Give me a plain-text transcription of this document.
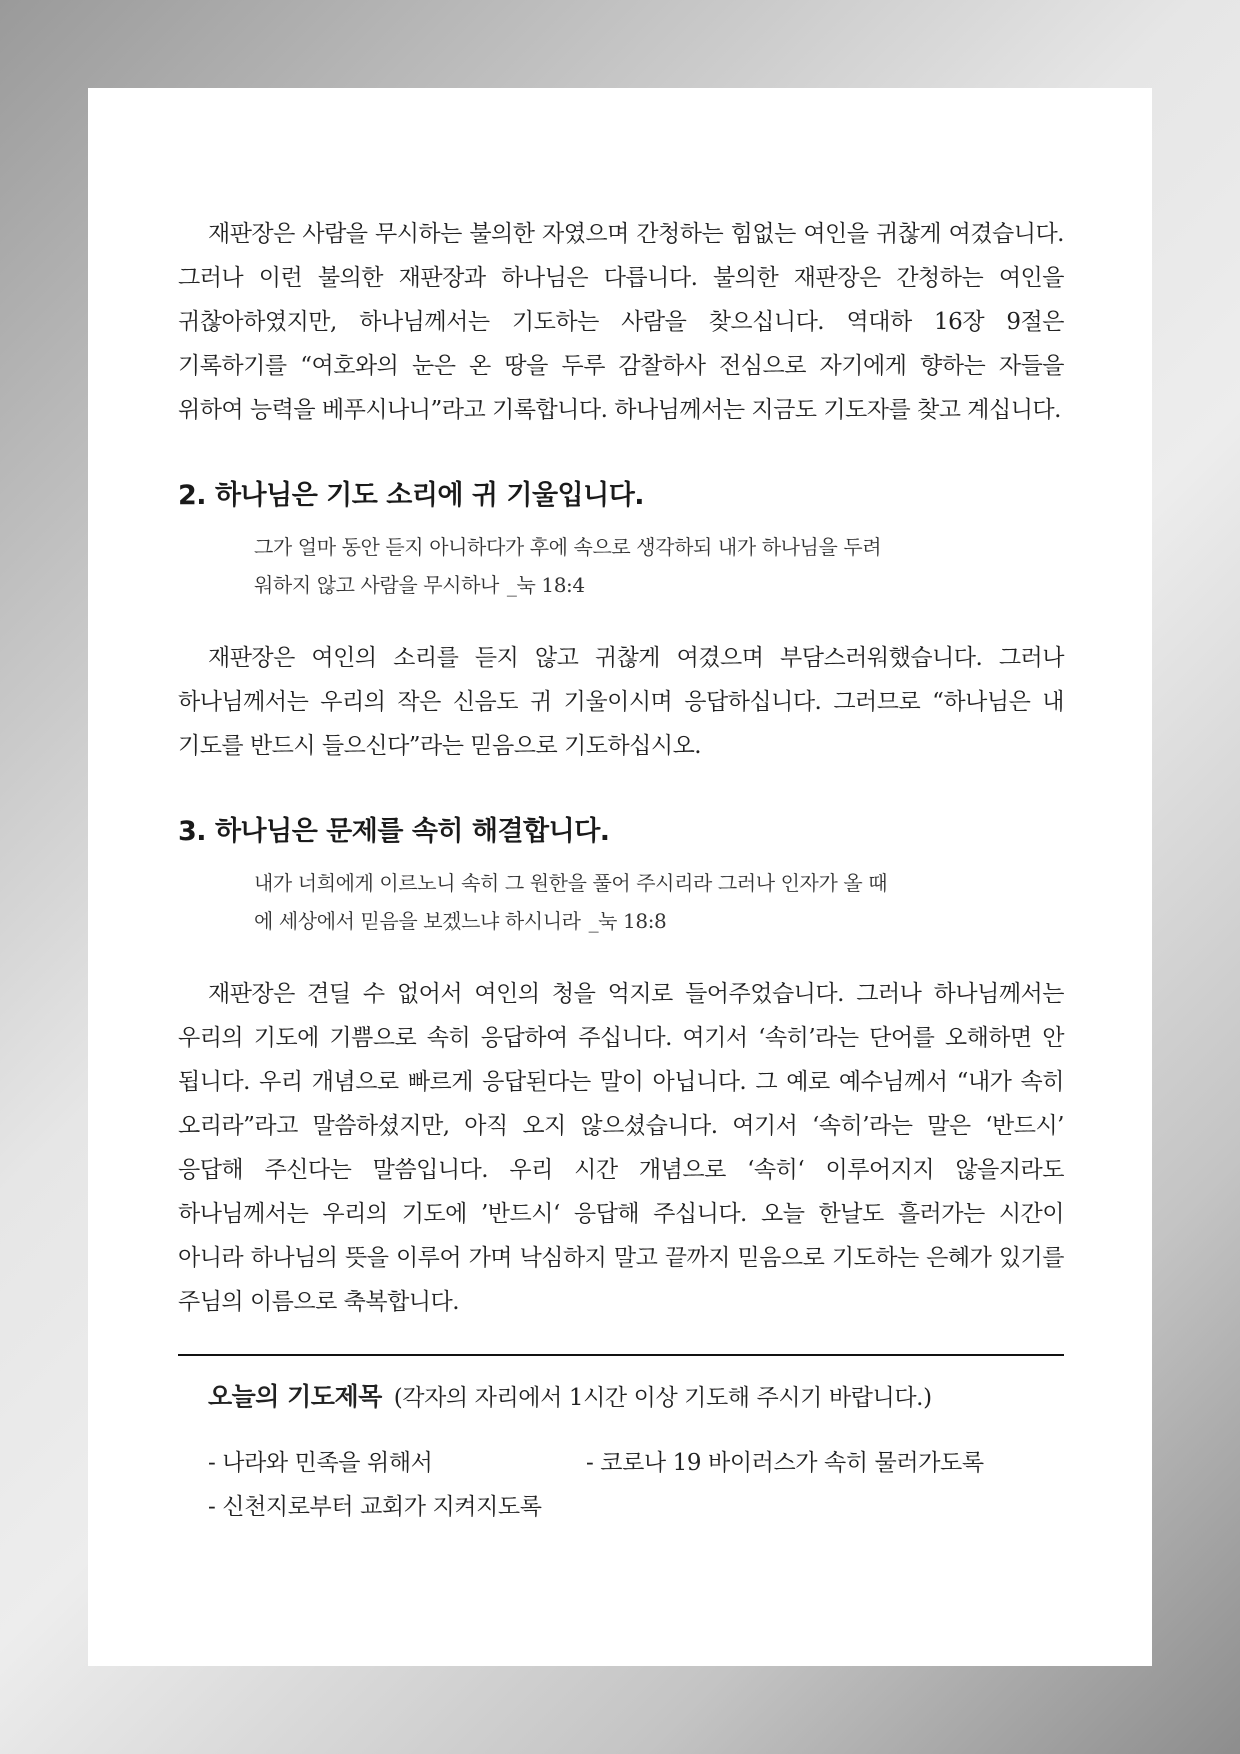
재판장은 사람을 무시하는 불의한 자였으며 간청하는 힘없는 여인을 귀찮게 여겼습니다. 그러나 이런 불의한 재판장과 하나님은 다릅니다. 불의한 재판장은 간청하는 여인을 귀찮아하였지만, 하나님께서는 기도하는 사람을 찾으십니다. 역대하 16장 9절은 기록하기를 “여호와의 눈은 온 땅을 두루 감찰하사 전심으로 자기에게 향하는 자들을 위하여 능력을 베푸시나니”라고 기록합니다. 하나님께서는 지금도 기도자를 찾고 계십니다.

2. 하나님은 기도 소리에 귀 기울입니다.
그가 얼마 동안 듣지 아니하다가 후에 속으로 생각하되 내가 하나님을 두려
워하지 않고 사람을 무시하나 _눅 18:4

재판장은 여인의 소리를 듣지 않고 귀찮게 여겼으며 부담스러워했습니다. 그러나 하나님께서는 우리의 작은 신음도 귀 기울이시며 응답하십니다. 그러므로 “하나님은 내 기도를 반드시 들으신다”라는 믿음으로 기도하십시오.

3. 하나님은 문제를 속히 해결합니다.
내가 너희에게 이르노니 속히 그 원한을 풀어 주시리라 그러나 인자가 올 때
에 세상에서 믿음을 보겠느냐 하시니라 _눅 18:8

재판장은 견딜 수 없어서 여인의 청을 억지로 들어주었습니다. 그러나 하나님께서는 우리의 기도에 기쁨으로 속히 응답하여 주십니다. 여기서 ‘속히’라는 단어를 오해하면 안 됩니다. 우리 개념으로 빠르게 응답된다는 말이 아닙니다. 그 예로 예수님께서 “내가 속히 오리라”라고 말씀하셨지만, 아직 오지 않으셨습니다. 여기서 ‘속히’라는 말은 ‘반드시’ 응답해 주신다는 말씀입니다. 우리 시간 개념으로 ‘속히‘ 이루어지지 않을지라도 하나님께서는 우리의 기도에 ’반드시‘ 응답해 주십니다. 오늘 한날도 흘러가는 시간이 아니라 하나님의 뜻을 이루어 가며 낙심하지 말고 끝까지 믿음으로 기도하는 은혜가 있기를 주님의 이름으로 축복합니다.

오늘의 기도제목 (각자의 자리에서 1시간 이상 기도해 주시기 바랍니다.)
- 나라와 민족을 위해서	- 코로나 19 바이러스가 속히 물러가도록
- 신천지로부터 교회가 지켜지도록
